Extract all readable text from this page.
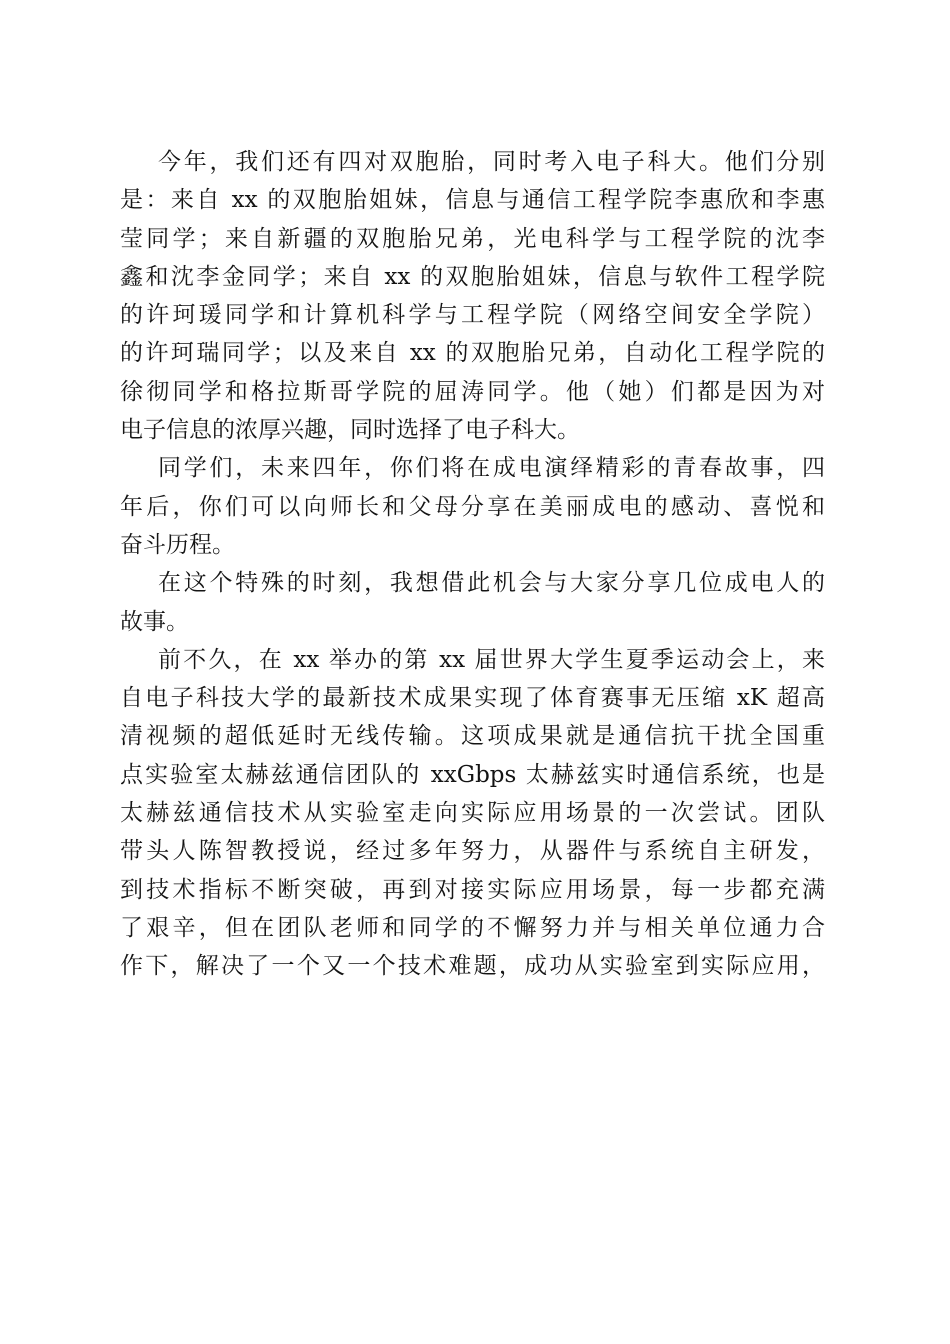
今年，我们还有四对双胞胎，同时考入电子科大。他们分别
是：来自 xx 的双胞胎姐妹，信息与通信工程学院李惠欣和李惠
莹同学；来自新疆的双胞胎兄弟，光电科学与工程学院的沈李
鑫和沈李金同学；来自 xx 的双胞胎姐妹，信息与软件工程学院
的许珂瑗同学和计算机科学与工程学院（网络空间安全学院）
的许珂瑞同学；以及来自 xx 的双胞胎兄弟，自动化工程学院的
徐彻同学和格拉斯哥学院的屈涛同学。他（她）们都是因为对
电子信息的浓厚兴趣，同时选择了电子科大。
同学们，未来四年，你们将在成电演绎精彩的青春故事，四
年后，你们可以向师长和父母分享在美丽成电的感动、喜悦和
奋斗历程。
在这个特殊的时刻，我想借此机会与大家分享几位成电人的
故事。
前不久，在 xx 举办的第 xx 届世界大学生夏季运动会上，来
自电子科技大学的最新技术成果实现了体育赛事无压缩 xK 超高
清视频的超低延时无线传输。这项成果就是通信抗干扰全国重
点实验室太赫兹通信团队的 xxGbps 太赫兹实时通信系统，也是
太赫兹通信技术从实验室走向实际应用场景的一次尝试。团队
带头人陈智教授说，经过多年努力，从器件与系统自主研发，
到技术指标不断突破，再到对接实际应用场景，每一步都充满
了艰辛，但在团队老师和同学的不懈努力并与相关单位通力合
作下，解决了一个又一个技术难题，成功从实验室到实际应用，
